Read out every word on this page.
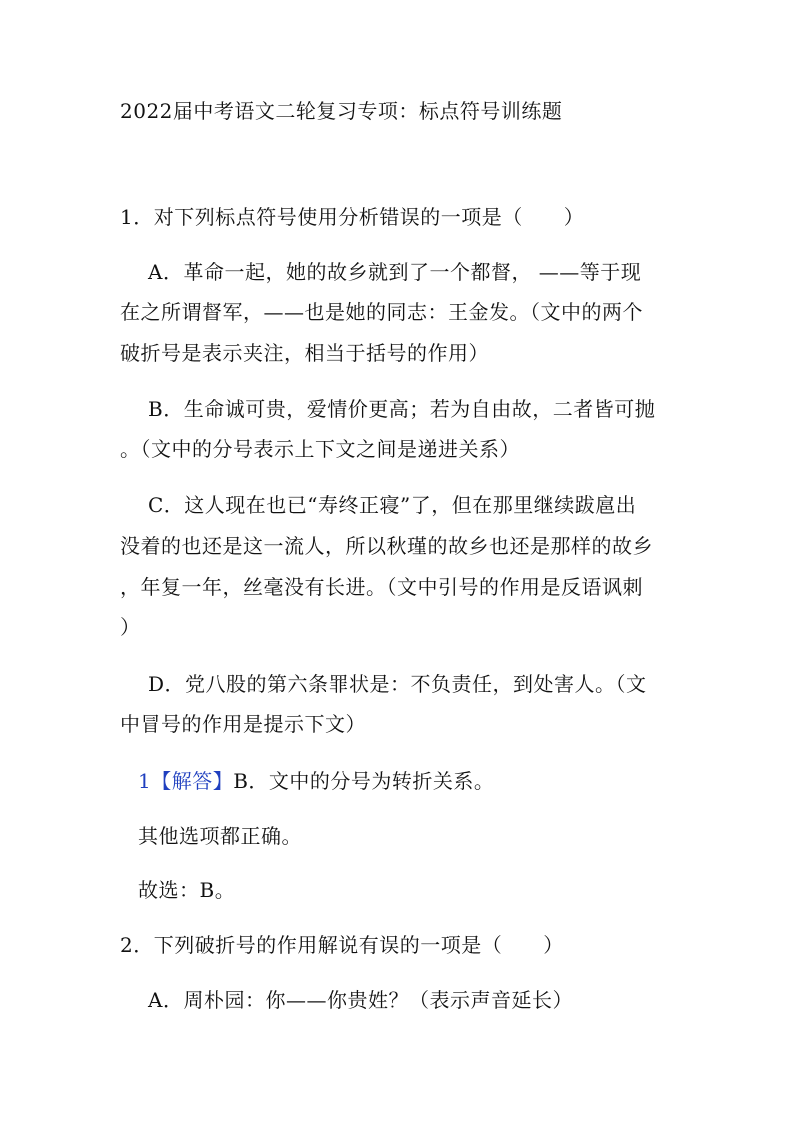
2022届中考语文二轮复习专项：标点符号训练题
1．对下列标点符号使用分析错误的一项是（　　）
A．革命一起，她的故乡就到了一个都督， ——等于现
在之所谓督军，——也是她的同志：王金发。（文中的两个
破折号是表示夹注，相当于括号的作用）
B．生命诚可贵，爱情价更高；若为自由故，二者皆可抛
。（文中的分号表示上下文之间是递进关系）
C．这人现在也已“寿终正寝”了，但在那里继续跋扈出
没着的也还是这一流人，所以秋瑾的故乡也还是那样的故乡
，年复一年，丝毫没有长进。（文中引号的作用是反语讽刺
）
D．党八股的第六条罪状是：不负责任，到处害人。（文
中冒号的作用是提示下文）
1【解答】B．文中的分号为转折关系。
其他选项都正确。
故选：B。
2．下列破折号的作用解说有误的一项是（　　）
A．周朴园：你——你贵姓？（表示声音延长）
